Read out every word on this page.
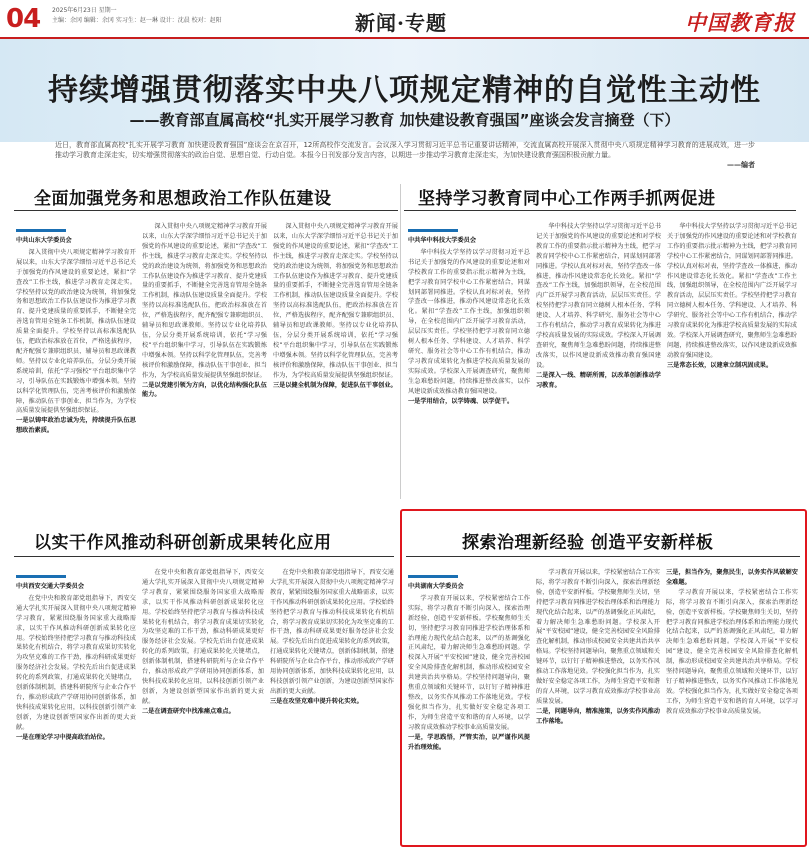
04 2025年6月23日 星期一
主编：余冈 编辑：余冈 实习生：赵一琳 设计：沈晨 校对：赵阳	新闻·专题	中国教育报
持续增强贯彻落实中央八项规定精神的自觉性主动性
——教育部直属高校“扎实开展学习教育 加快建设教育强国”座谈会发言摘登（下）

近日，教育部直属高校“扎实开展学习教育 加快建设教育强国”座谈会在京召开，12所高校作交流发言。会议深入学习贯彻习近平总书记重要讲话精神，交流直属高校开展深入贯彻中央八项规定精神学习教育的进展成效，进一步推动学习教育走深走实，切实增强贯彻落实的政治自觉、思想自觉、行动自觉。本报今日刊发部分发言内容，以期进一步推动学习教育走深走实，为加快建设教育强国积极贡献力量。

——编者
全面加强党务和思想政治工作队伍建设
中共山东大学委员会

深入贯彻中央八项规定精神学习教育开展以来，山东大学深学细悟习近平总书记关于加强党的作风建设的重要论述，紧扣“学查改”工作主线，推进学习教育走深走实。学校坚持以党的政治建设为统领，将加强党务和思想政治工作队伍建设作为推进学习教育、提升党建质量的重要抓手，不断健全完善选育管用全链条工作机制，推动队伍建设质量全面提升。学校坚持以高标准选配队伍，把政治标准放在首位，严格选拔程序，配齐配强专兼职组织员、辅导员和思政课教师。坚持以专业化培养队伍，分层分类开展系统培训，依托“学习强校”平台组织集中学习，引导队伍在实践锻炼中增强本领。坚持以科学化管理队伍，完善考核评价和激励保障，推动队伍干事创业、担当作为，为学校高质量发展提供坚强组织保证。

一是以铸牢政治忠诚为先，持续提升队伍思想政治素质。

深入贯彻中央八项规定精神学习教育开展以来，山东大学深学细悟习近平总书记关于加强党的作风建设的重要论述，紧扣“学查改”工作主线，推进学习教育走深走实。学校坚持以党的政治建设为统领，将加强党务和思想政治工作队伍建设作为推进学习教育、提升党建质量的重要抓手，不断健全完善选育管用全链条工作机制，推动队伍建设质量全面提升。学校坚持以高标准选配队伍，把政治标准放在首位，严格选拔程序，配齐配强专兼职组织员、辅导员和思政课教师。坚持以专业化培养队伍，分层分类开展系统培训，依托“学习强校”平台组织集中学习，引导队伍在实践锻炼中增强本领。坚持以科学化管理队伍，完善考核评价和激励保障，推动队伍干事创业、担当作为，为学校高质量发展提供坚强组织保证。

二是以党建引领为方向，以优化结构强化队伍能力。

深入贯彻中央八项规定精神学习教育开展以来，山东大学深学细悟习近平总书记关于加强党的作风建设的重要论述，紧扣“学查改”工作主线，推进学习教育走深走实。学校坚持以党的政治建设为统领，将加强党务和思想政治工作队伍建设作为推进学习教育、提升党建质量的重要抓手，不断健全完善选育管用全链条工作机制，推动队伍建设质量全面提升。学校坚持以高标准选配队伍，把政治标准放在首位，严格选拔程序，配齐配强专兼职组织员、辅导员和思政课教师。坚持以专业化培养队伍，分层分类开展系统培训，依托“学习强校”平台组织集中学习，引导队伍在实践锻炼中增强本领。坚持以科学化管理队伍，完善考核评价和激励保障，推动队伍干事创业、担当作为，为学校高质量发展提供坚强组织保证。

三是以健全机制为保障，促进队伍干事创业。
坚持学习教育同中心工作两手抓两促进
中共华中科技大学委员会

华中科技大学坚持以学习贯彻习近平总书记关于加强党的作风建设的重要论述和对学校教育工作的重要指示批示精神为主线，把学习教育同学校中心工作紧密结合，同谋划同部署同推进。学校认真对标对表，坚持学查改一体推进，推动作风建设常态化长效化。紧扣“学查改”工作主线，加强组织领导，在全校范围内广泛开展学习教育活动，层层压实责任。学校坚持把学习教育同立德树人根本任务、学科建设、人才培养、科学研究、服务社会等中心工作有机结合，推动学习教育成果转化为推进学校高质量发展的实际成效。学校深入开展调查研究，聚焦师生急难愁盼问题，持续推进整改落实，以作风建设新成效推动教育强国建设。

一是学用结合，以学铸魂、以学促干。

华中科技大学坚持以学习贯彻习近平总书记关于加强党的作风建设的重要论述和对学校教育工作的重要指示批示精神为主线，把学习教育同学校中心工作紧密结合，同谋划同部署同推进。学校认真对标对表，坚持学查改一体推进，推动作风建设常态化长效化。紧扣“学查改”工作主线，加强组织领导，在全校范围内广泛开展学习教育活动，层层压实责任。学校坚持把学习教育同立德树人根本任务、学科建设、人才培养、科学研究、服务社会等中心工作有机结合，推动学习教育成果转化为推进学校高质量发展的实际成效。学校深入开展调查研究，聚焦师生急难愁盼问题，持续推进整改落实，以作风建设新成效推动教育强国建设。

二是深入一线、精研所需，以改革创新推动学习教育。

华中科技大学坚持以学习贯彻习近平总书记关于加强党的作风建设的重要论述和对学校教育工作的重要指示批示精神为主线，把学习教育同学校中心工作紧密结合，同谋划同部署同推进。学校认真对标对表，坚持学查改一体推进，推动作风建设常态化长效化。紧扣“学查改”工作主线，加强组织领导，在全校范围内广泛开展学习教育活动，层层压实责任。学校坚持把学习教育同立德树人根本任务、学科建设、人才培养、科学研究、服务社会等中心工作有机结合，推动学习教育成果转化为推进学校高质量发展的实际成效。学校深入开展调查研究，聚焦师生急难愁盼问题，持续推进整改落实，以作风建设新成效推动教育强国建设。

三是常态长效，以建章立制巩固成果。
以实干作风推动科研创新成果转化应用
中共西安交通大学委员会

在党中央和教育部党组指导下，西安交通大学扎实开展深入贯彻中央八项规定精神学习教育，紧紧围绕服务国家重大战略需求，以实干作风推动科研创新成果转化应用。学校始终坚持把学习教育与推动科技成果转化有机结合，将学习教育成果切实转化为攻坚克难的工作干劲，推动科研成果更好服务经济社会发展。学校先后出台促进成果转化的系列政策，打通成果转化关键堵点，创新体制机制，搭建科研院所与企业合作平台，推动形成政产学研用协同创新体系，加快科技成果转化应用，以科技创新引领产业创新，为建设创新型国家作出新的更大贡献。

一是在理论学习中提高政治站位。

在党中央和教育部党组指导下，西安交通大学扎实开展深入贯彻中央八项规定精神学习教育，紧紧围绕服务国家重大战略需求，以实干作风推动科研创新成果转化应用。学校始终坚持把学习教育与推动科技成果转化有机结合，将学习教育成果切实转化为攻坚克难的工作干劲，推动科研成果更好服务经济社会发展。学校先后出台促进成果转化的系列政策，打通成果转化关键堵点，创新体制机制，搭建科研院所与企业合作平台，推动形成政产学研用协同创新体系，加快科技成果转化应用，以科技创新引领产业创新，为建设创新型国家作出新的更大贡献。

二是在调查研究中找准痛点难点。

在党中央和教育部党组指导下，西安交通大学扎实开展深入贯彻中央八项规定精神学习教育，紧紧围绕服务国家重大战略需求，以实干作风推动科研创新成果转化应用。学校始终坚持把学习教育与推动科技成果转化有机结合，将学习教育成果切实转化为攻坚克难的工作干劲，推动科研成果更好服务经济社会发展。学校先后出台促进成果转化的系列政策，打通成果转化关键堵点，创新体制机制，搭建科研院所与企业合作平台，推动形成政产学研用协同创新体系，加快科技成果转化应用，以科技创新引领产业创新，为建设创新型国家作出新的更大贡献。

三是在攻坚克难中提升转化实效。
探索治理新经验 创造平安新样板
中共湖南大学委员会

学习教育开展以来，学校紧密结合工作实际，将学习教育不断引向深入，探索治理新经验，创造平安新样板。学校聚焦师生关切，坚持把学习教育同推进学校治理体系和治理能力现代化结合起来，以严的基调强化正风肃纪，着力解决师生急难愁盼问题。学校深入开展“平安校园”建设，健全完善校园安全风险排查化解机制，推动形成校园安全共建共治共享格局。学校坚持问题导向，聚焦重点领域和关键环节，以钉钉子精神推进整改，以务实作风推动工作落地见效。学校强化担当作为，扎实做好安全稳定各项工作，为师生营造平安和谐的育人环境，以学习教育成效推动学校事业高质量发展。

一是，学思践悟，严管实治，以严谨作风提升治理效能。

学习教育开展以来，学校紧密结合工作实际，将学习教育不断引向深入，探索治理新经验，创造平安新样板。学校聚焦师生关切，坚持把学习教育同推进学校治理体系和治理能力现代化结合起来，以严的基调强化正风肃纪，着力解决师生急难愁盼问题。学校深入开展“平安校园”建设，健全完善校园安全风险排查化解机制，推动形成校园安全共建共治共享格局。学校坚持问题导向，聚焦重点领域和关键环节，以钉钉子精神推进整改，以务实作风推动工作落地见效。学校强化担当作为，扎实做好安全稳定各项工作，为师生营造平安和谐的育人环境，以学习教育成效推动学校事业高质量发展。

二是，问题导向，精准施策，以务实作风推动工作落地。
三是，担当作为，聚焦民生，以务实作风破解安全难题。

学习教育开展以来，学校紧密结合工作实际，将学习教育不断引向深入，探索治理新经验，创造平安新样板。学校聚焦师生关切，坚持把学习教育同推进学校治理体系和治理能力现代化结合起来，以严的基调强化正风肃纪，着力解决师生急难愁盼问题。学校深入开展“平安校园”建设，健全完善校园安全风险排查化解机制，推动形成校园安全共建共治共享格局。学校坚持问题导向，聚焦重点领域和关键环节，以钉钉子精神推进整改，以务实作风推动工作落地见效。学校强化担当作为，扎实做好安全稳定各项工作，为师生营造平安和谐的育人环境，以学习教育成效推动学校事业高质量发展。
